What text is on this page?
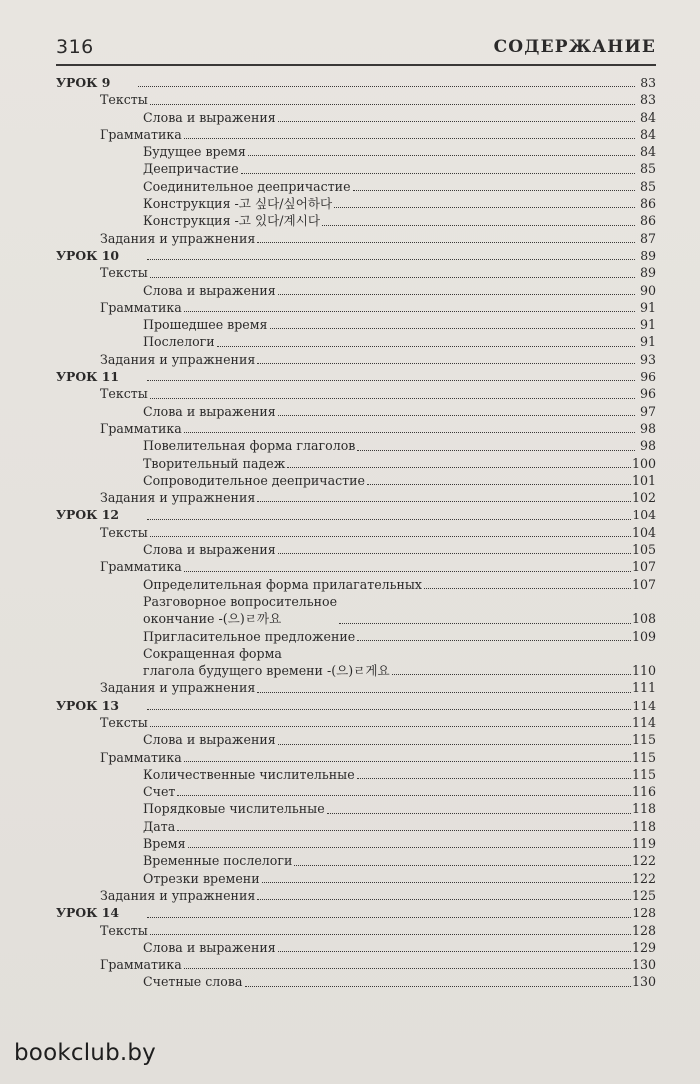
316	СОДЕРЖАНИЕ
УРОК 9	83
Тексты	83
Слова и выражения	84
Грамматика	84
Будущее время	84
Деепричастие	85
Соединительное деепричастие	85
Конструкция -고 싶다/싶어하다	86
Конструкция -고 있다/계시다	86
Задания и упражнения	87
УРОК 10	89
Тексты	89
Слова и выражения	90
Грамматика	91
Прошедшее время	91
Послелоги	91
Задания и упражнения	93
УРОК 11	96
Тексты	96
Слова и выражения	97
Грамматика	98
Повелительная форма глаголов	98
Творительный падеж	100
Сопроводительное деепричастие	101
Задания и упражнения	102
УРОК 12	104
Тексты	104
Слова и выражения	105
Грамматика	107
Определительная форма прилагательных	107
Разговорное вопросительное
окончание -(으)ㄹ까요	108
Пригласительное предложение	109
Сокращенная форма
глагола будущего времени -(으)ㄹ게요	110
Задания и упражнения	111
УРОК 13	114
Тексты	114
Слова и выражения	115
Грамматика	115
Количественные числительные	115
Счет	116
Порядковые числительные	118
Дата	118
Время	119
Временные послелоги	122
Отрезки времени	122
Задания и упражнения	125
УРОК 14	128
Тексты	128
Слова и выражения	129
Грамматика	130
Счетные слова	130
bookclub.by
